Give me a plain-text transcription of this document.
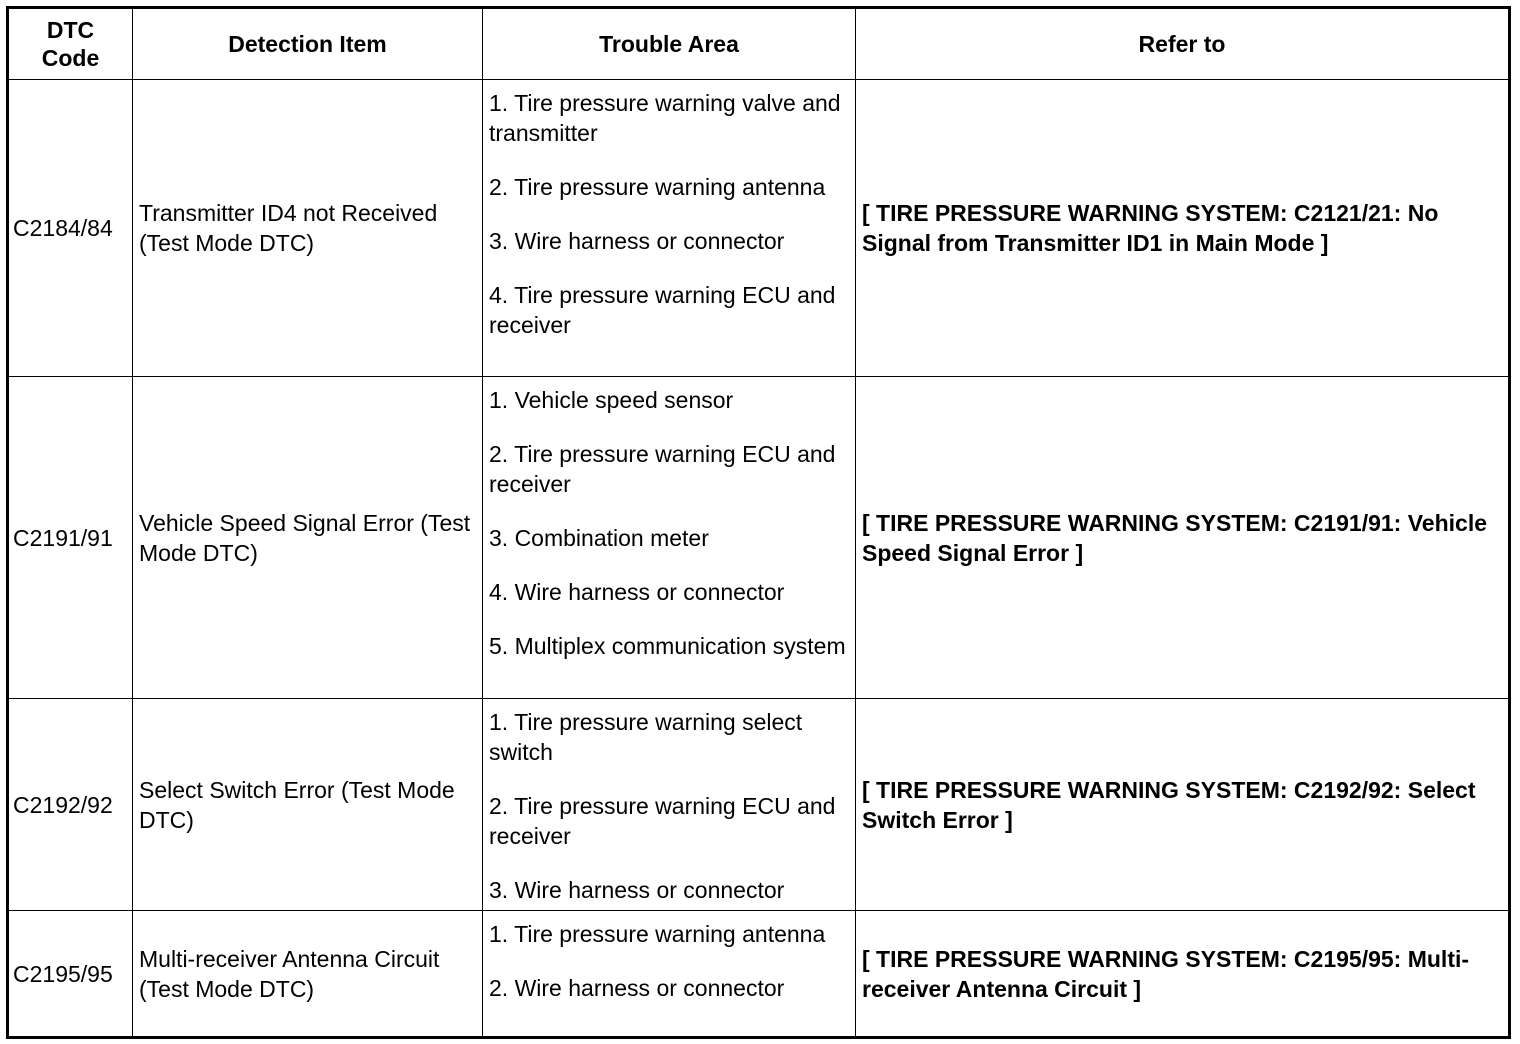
DTC Code	Detection Item	Trouble Area	Refer to
C2184/84	Transmitter ID4 not Received (Test Mode DTC)	1. Tire pressure warning valve and transmitter
2. Tire pressure warning antenna
3. Wire harness or connector
4. Tire pressure warning ECU and receiver	[ TIRE PRESSURE WARNING SYSTEM: C2121/21: No Signal from Transmitter ID1 in Main Mode ]
C2191/91	Vehicle Speed Signal Error (Test Mode DTC)	1. Vehicle speed sensor
2. Tire pressure warning ECU and receiver
3. Combination meter
4. Wire harness or connector
5. Multiplex communication system	[ TIRE PRESSURE WARNING SYSTEM: C2191/91: Vehicle Speed Signal Error ]
C2192/92	Select Switch Error (Test Mode DTC)	1. Tire pressure warning select switch
2. Tire pressure warning ECU and receiver
3. Wire harness or connector	[ TIRE PRESSURE WARNING SYSTEM: C2192/92: Select Switch Error ]
C2195/95	Multi-receiver Antenna Circuit (Test Mode DTC)	1. Tire pressure warning antenna
2. Wire harness or connector	[ TIRE PRESSURE WARNING SYSTEM: C2195/95: Multi-receiver Antenna Circuit ]
